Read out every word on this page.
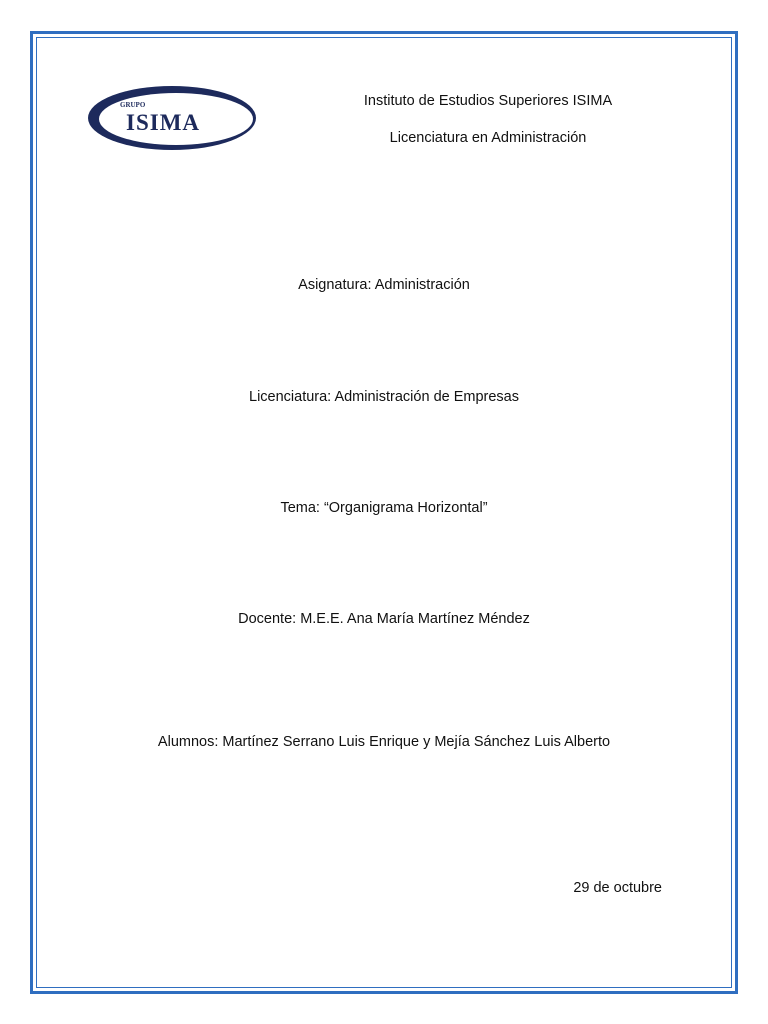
GRUPO
ISIMA
Instituto de Estudios Superiores ISIMA
Licenciatura en Administración
Asignatura: Administración
Licenciatura: Administración de Empresas
Tema: “Organigrama Horizontal”
Docente: M.E.E. Ana María Martínez Méndez
Alumnos: Martínez Serrano Luis Enrique y Mejía Sánchez Luis Alberto
29 de octubre
